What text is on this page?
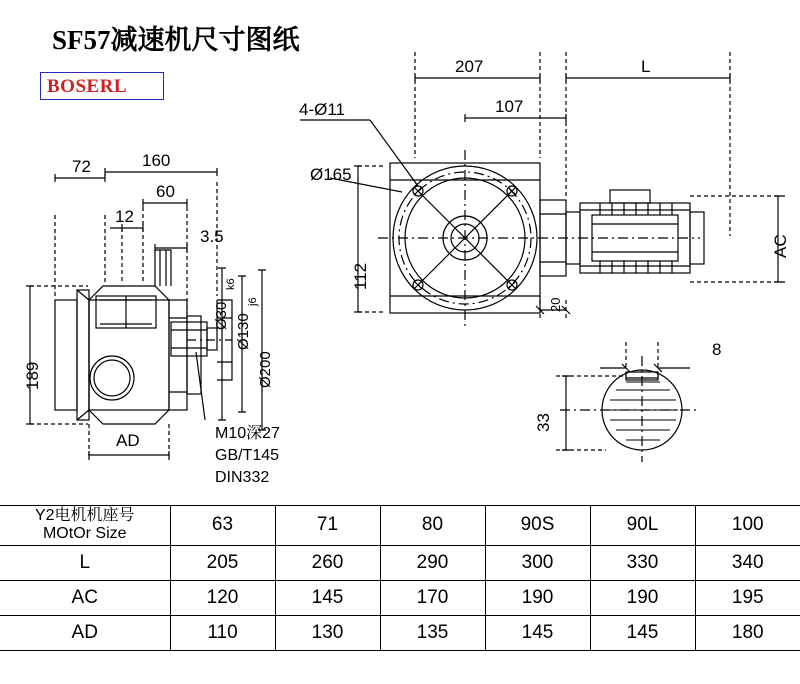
SF57减速机尺寸图纸
BOSERL
72	160
60
12
3.5
189
AD
Ø30
k6
Ø130
j6
Ø200
M10深27
GB/T145
DIN332
207	L
107
4-Ø11
Ø165
112
20
AC
8
33
Y2电机机座号
MOtOr Size	63	71	80	90S	90L	100
L	205	260	290	300	330	340
AC	120	145	170	190	190	195
AD	110	130	135	145	145	180
